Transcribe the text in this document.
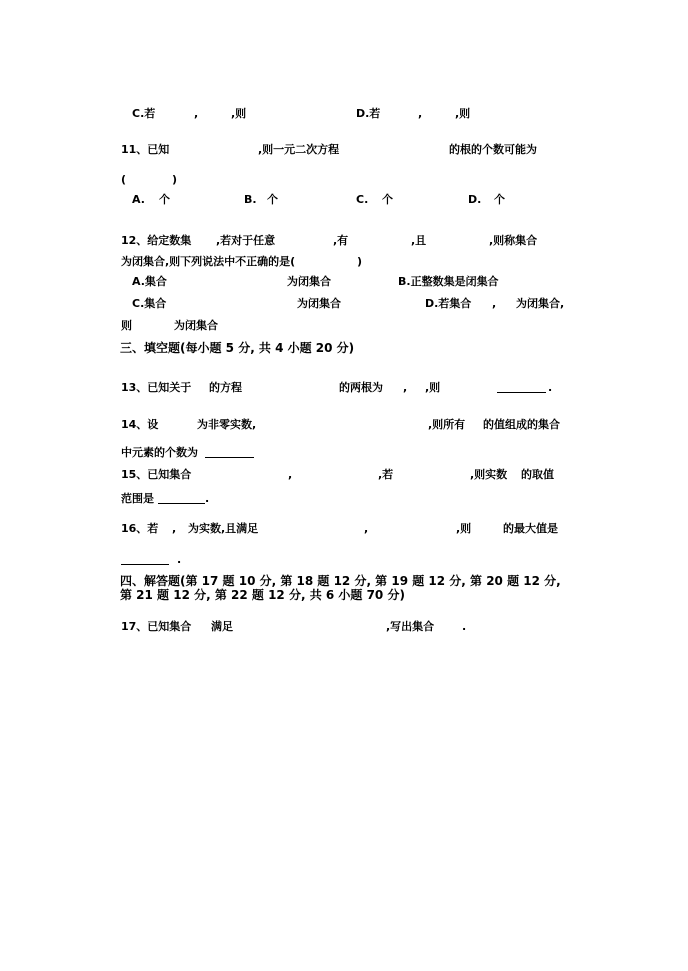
C.若	,	,则	D.若	,	,则
11、已知	,则一元二次方程	的根的个数可能为
(	)
A. 个	B. 个	C. 个	D. 个
12、给定数集 ,若对于任意	,有	,且	,则称集合
为闭集合,则下列说法中不正确的是(	)
A.集合	为闭集合	B.正整数集是闭集合
C.集合	为闭集合	D.若集合 , 为闭集合,
则	为闭集合
三、填空题(每小题 5 分, 共 4 小题 20 分)
13、已知关于 的方程	的两根为 , ,则	.
14、设	为非零实数,	,则所有 的值组成的集合
中元素的个数为
15、已知集合	,	,若	,则实数 的取值
范围是	.
16、若 , 为实数,且满足	,	,则	的最大值是
.
四、解答题(第 17 题 10 分, 第 18 题 12 分, 第 19 题 12 分, 第 20 题 12 分,
第 21 题 12 分, 第 22 题 12 分, 共 6 小题 70 分)
17、已知集合 满足	,写出集合	.
